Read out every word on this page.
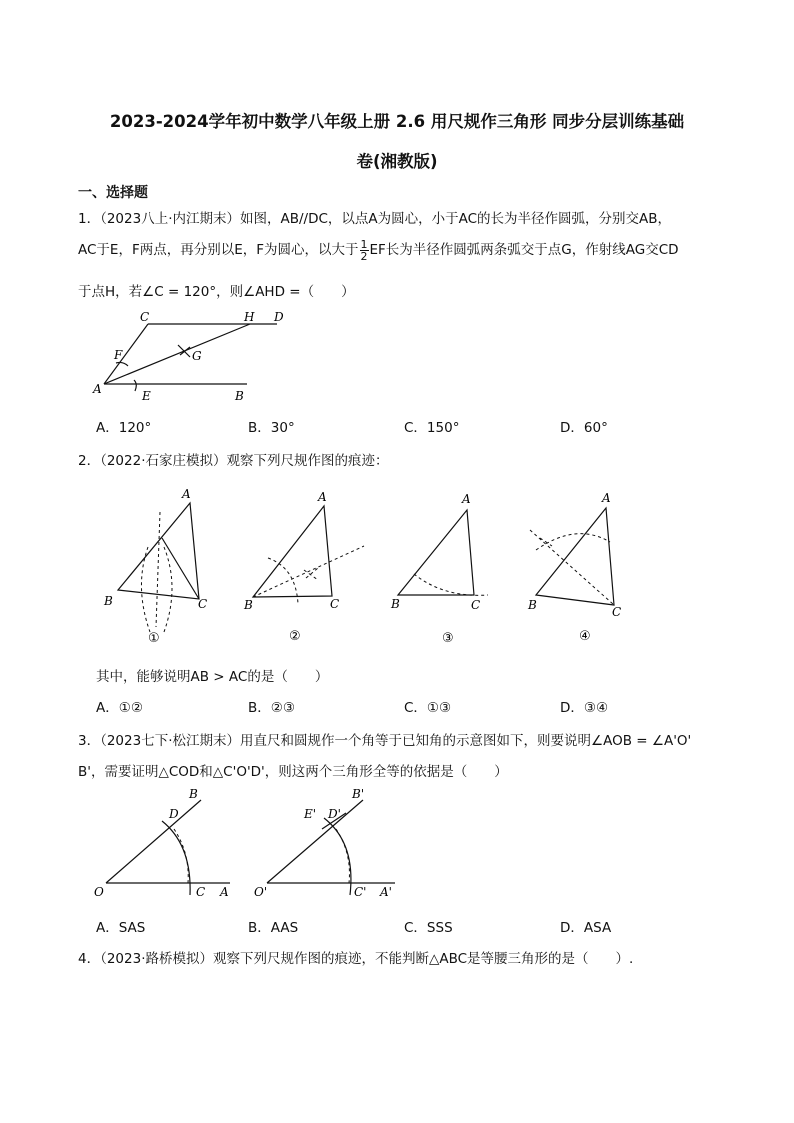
2023-2024学年初中数学八年级上册 2.6 用尺规作三角形 同步分层训练基础
卷(湘教版)
一、选择题
1．（2023八上·内江期末）如图，AB//DC，以点A为圆心，小于AC的长为半径作圆弧，分别交AB，
AC于E，F两点，再分别以E，F为圆心，以大于 $\frac{1}{2}$ EF长为半径作圆弧两条弧交于点G，作射线AG交CD
于点H，若∠C = 120°，则∠AHD =（　　）
C	H D
F	G
A	E	B
A．120°	B．30°	C．150°	D．60°
2．（2022·石家庄模拟）观察下列尺规作图的痕迹：
A
B	C
①
A
B	C
②
A
B	C
③
A
B	C
④
其中，能够说明AB > AC的是（　　）
A．①②	B．②③	C．①③	D．③④
3．（2023七下·松江期末）用直尺和圆规作一个角等于已知角的示意图如下，则要说明∠AOB = ∠A'O'
B'，需要证明△COD和△C'O'D'，则这两个三角形全等的依据是（　　）
B
D
O	C A
B'
E' D'
O'	C' A'
A．SAS	B．AAS	C．SSS	D．ASA
4．（2023·路桥模拟）观察下列尺规作图的痕迹，不能判断△ABC是等腰三角形的是（　　）.
